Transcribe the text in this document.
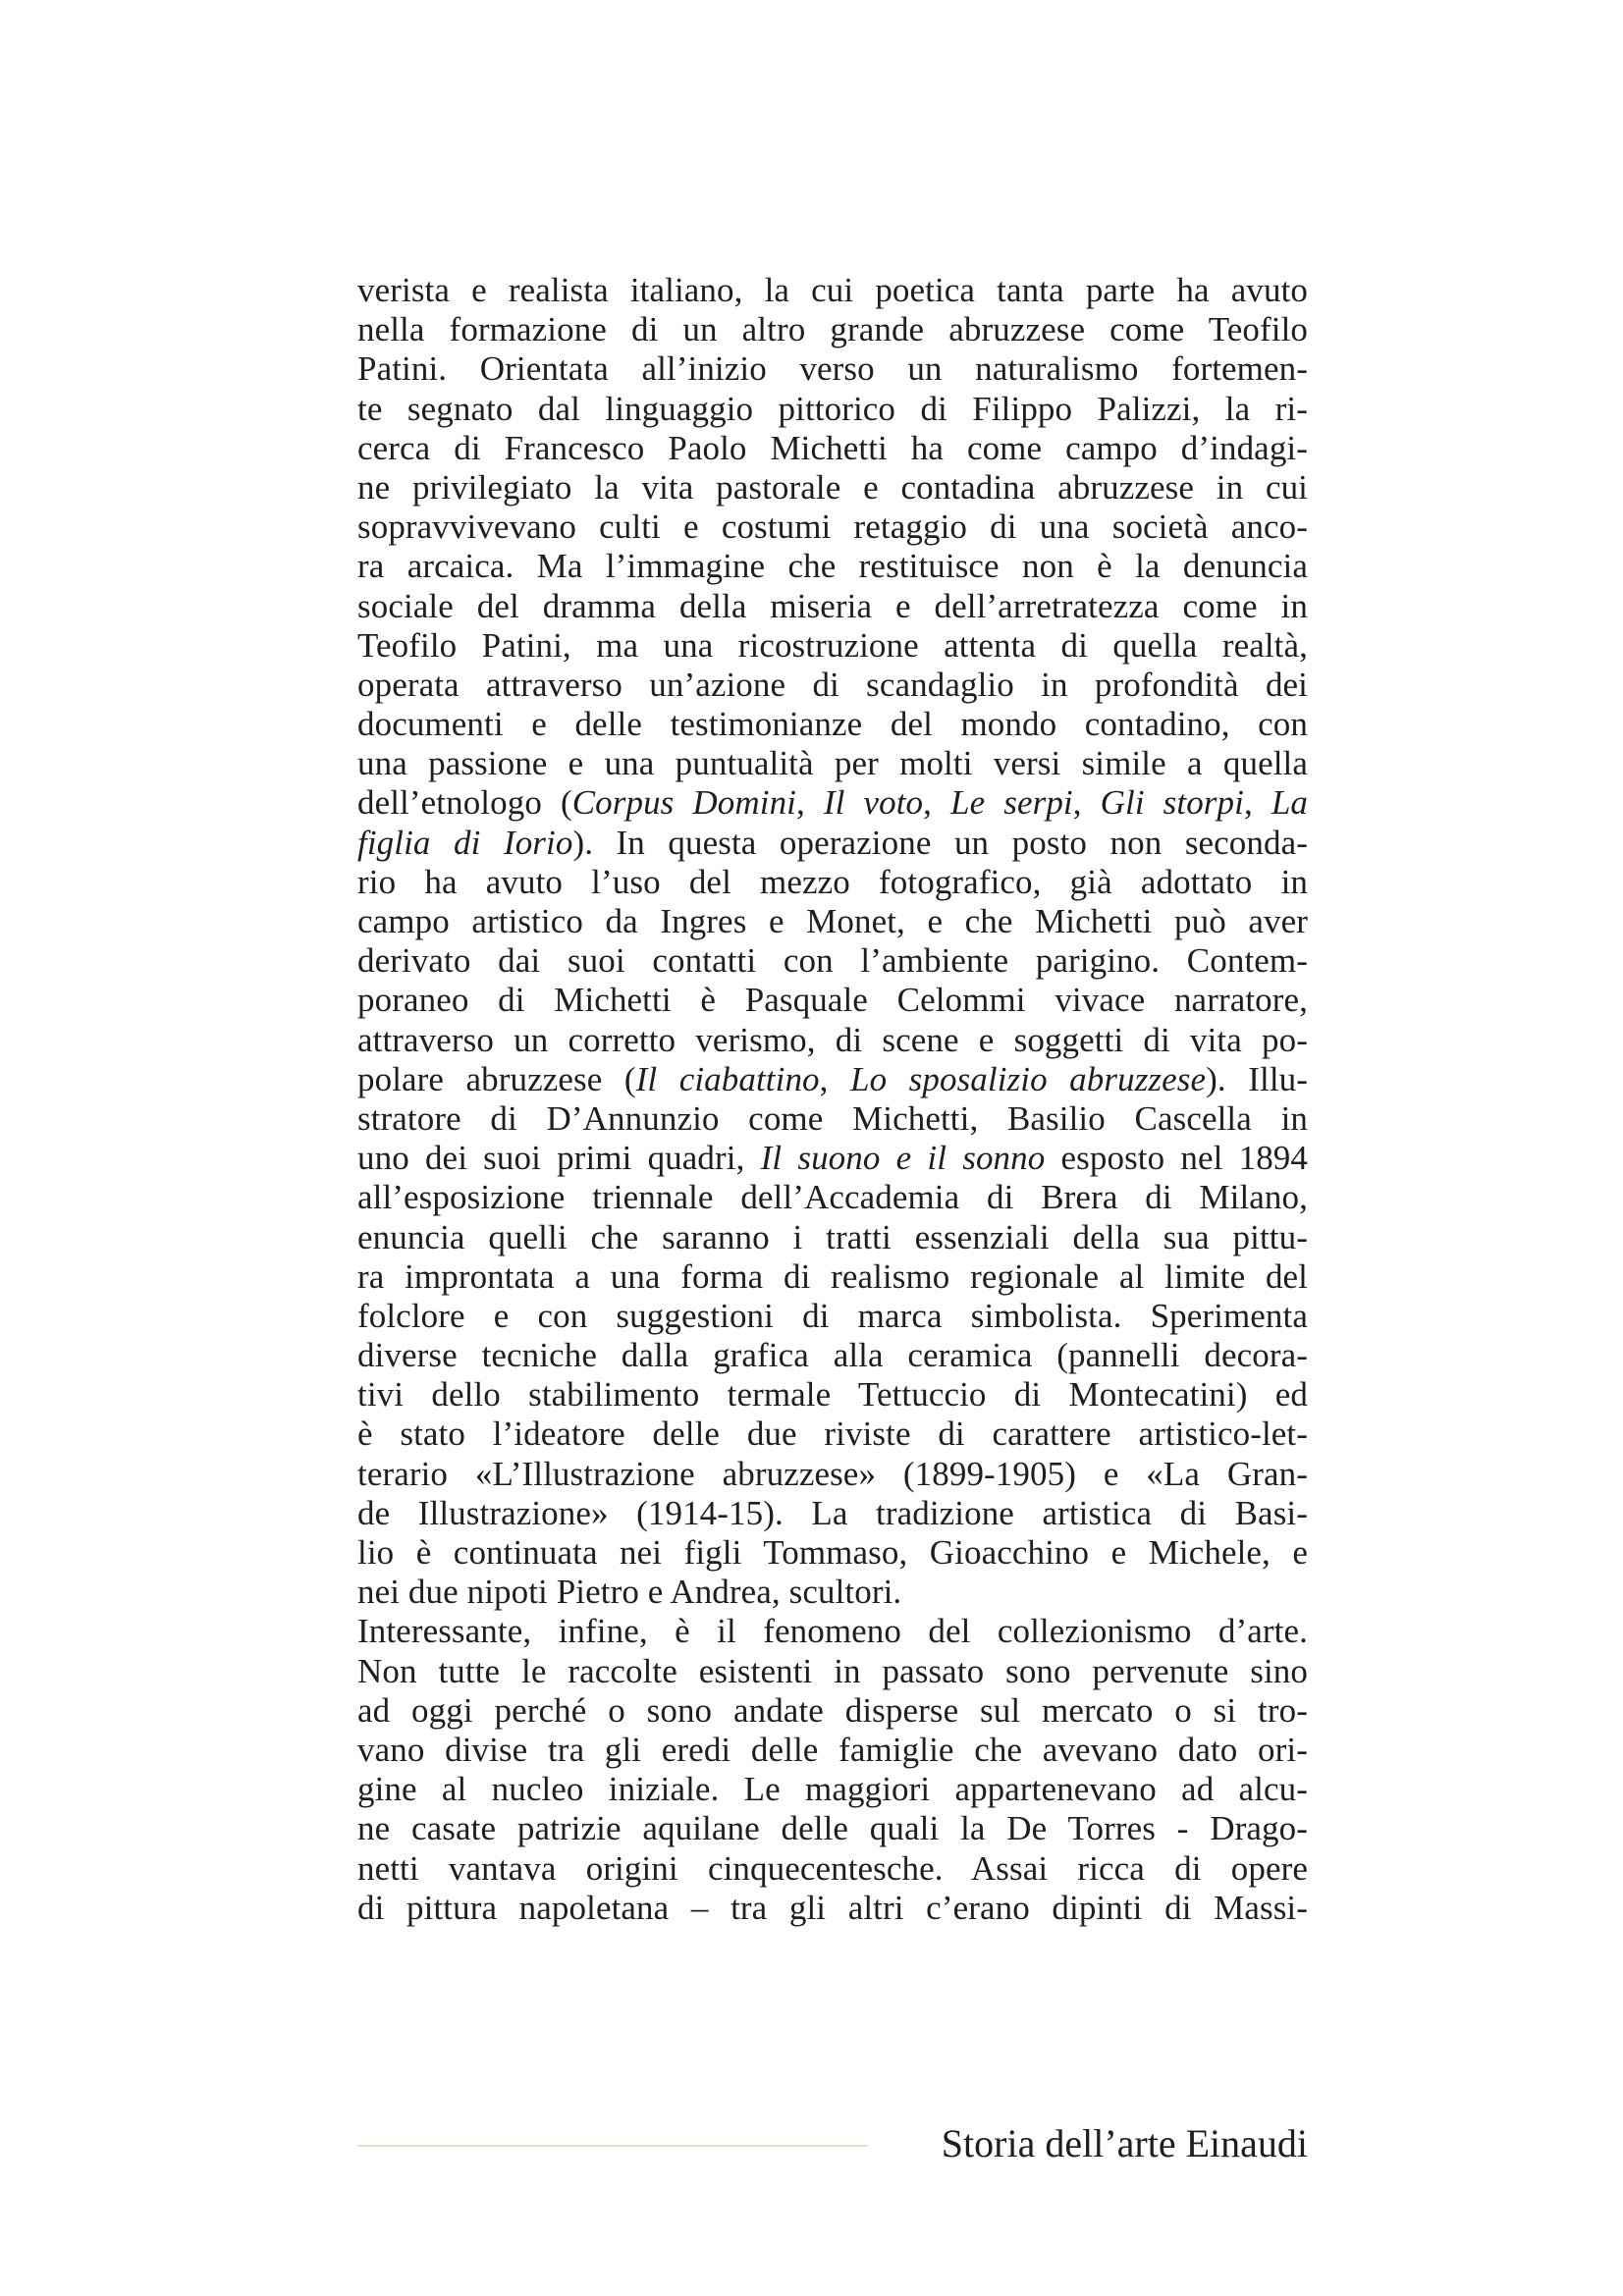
verista e realista italiano, la cui poetica tanta parte ha avuto
nella formazione di un altro grande abruzzese come Teofilo
Patini. Orientata all’inizio verso un naturalismo fortemen-
te segnato dal linguaggio pittorico di Filippo Palizzi, la ri-
cerca di Francesco Paolo Michetti ha come campo d’indagi-
ne privilegiato la vita pastorale e contadina abruzzese in cui
sopravvivevano culti e costumi retaggio di una società anco-
ra arcaica. Ma l’immagine che restituisce non è la denuncia
sociale del dramma della miseria e dell’arretratezza come in
Teofilo Patini, ma una ricostruzione attenta di quella realtà,
operata attraverso un’azione di scandaglio in profondità dei
documenti e delle testimonianze del mondo contadino, con
una passione e una puntualità per molti versi simile a quella
dell’etnologo (Corpus Domini, Il voto, Le serpi, Gli storpi, La
figlia di Iorio). In questa operazione un posto non seconda-
rio ha avuto l’uso del mezzo fotografico, già adottato in
campo artistico da Ingres e Monet, e che Michetti può aver
derivato dai suoi contatti con l’ambiente parigino. Contem-
poraneo di Michetti è Pasquale Celommi vivace narratore,
attraverso un corretto verismo, di scene e soggetti di vita po-
polare abruzzese (Il ciabattino, Lo sposalizio abruzzese). Illu-
stratore di D’Annunzio come Michetti, Basilio Cascella in
uno dei suoi primi quadri, Il suono e il sonno esposto nel 1894
all’esposizione triennale dell’Accademia di Brera di Milano,
enuncia quelli che saranno i tratti essenziali della sua pittu-
ra improntata a una forma di realismo regionale al limite del
folclore e con suggestioni di marca simbolista. Sperimenta
diverse tecniche dalla grafica alla ceramica (pannelli decora-
tivi dello stabilimento termale Tettuccio di Montecatini) ed
è stato l’ideatore delle due riviste di carattere artistico-let-
terario «L’Illustrazione abruzzese» (1899-1905) e «La Gran-
de Illustrazione» (1914-15). La tradizione artistica di Basi-
lio è continuata nei figli Tommaso, Gioacchino e Michele, e
nei due nipoti Pietro e Andrea, scultori.
Interessante, infine, è il fenomeno del collezionismo d’arte.
Non tutte le raccolte esistenti in passato sono pervenute sino
ad oggi perché o sono andate disperse sul mercato o si tro-
vano divise tra gli eredi delle famiglie che avevano dato ori-
gine al nucleo iniziale. Le maggiori appartenevano ad alcu-
ne casate patrizie aquilane delle quali la De Torres - Drago-
netti vantava origini cinquecentesche. Assai ricca di opere
di pittura napoletana – tra gli altri c’erano dipinti di Massi-
Storia dell’arte Einaudi
